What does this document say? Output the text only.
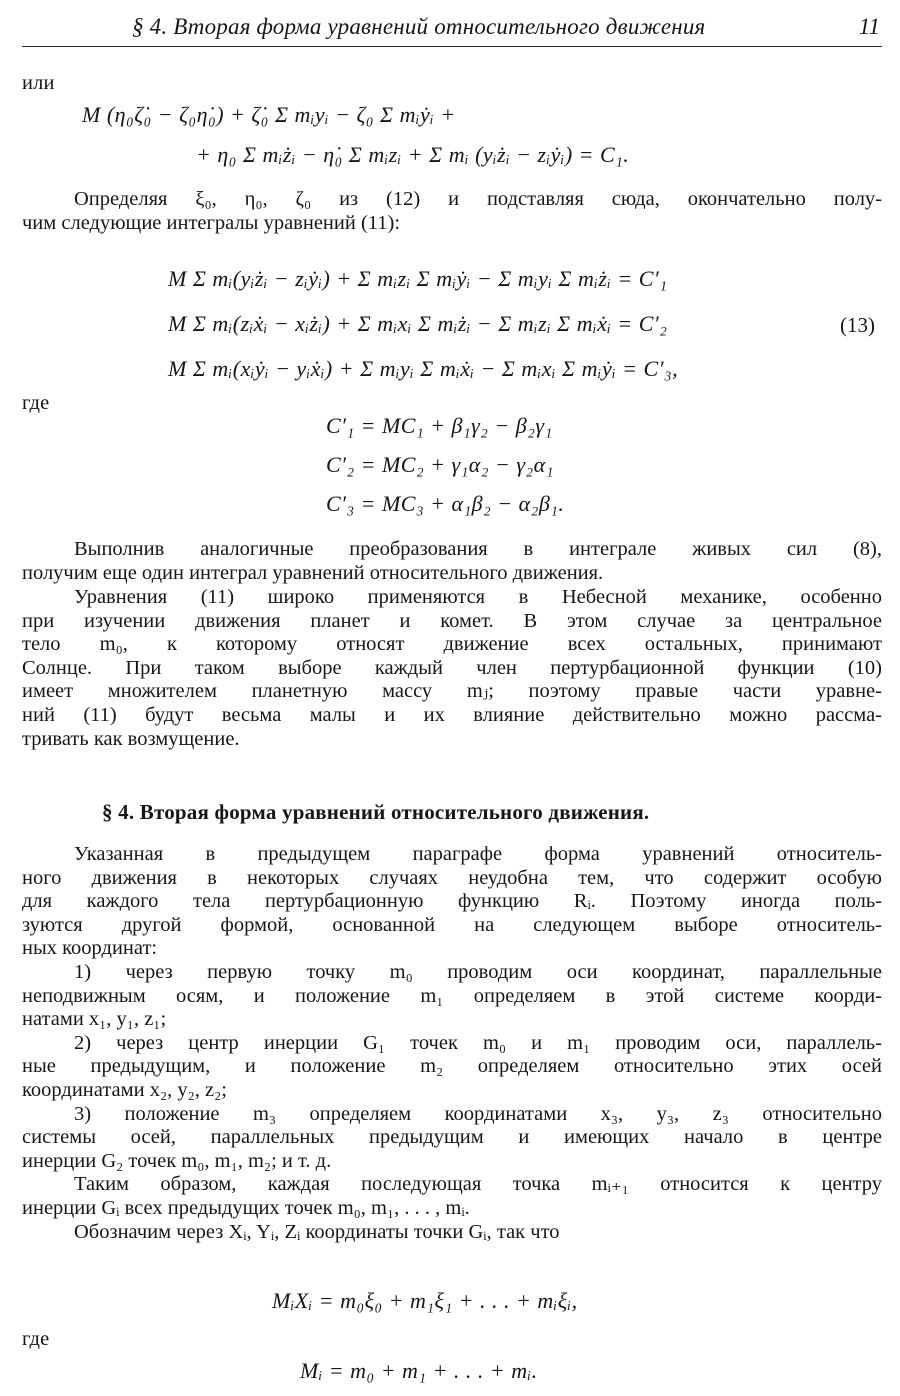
§ 4. Вторая форма уравнений относительного движения	11
или
M (η₀ζ̇₀ − ζ₀η̇₀) + ζ̇₀ Σ mᵢyᵢ − ζ₀ Σ mᵢẏᵢ +
+ η₀ Σ mᵢżᵢ − η̇₀ Σ mᵢzᵢ + Σ mᵢ (yᵢżᵢ − zᵢẏᵢ) = C₁.
Определяя ξ₀, η₀, ζ₀ из (12) и подставляя сюда, окончательно полу-
чим следующие интегралы уравнений (11):
M Σ mᵢ(yᵢżᵢ − zᵢẏᵢ) + Σ mᵢzᵢ Σ mᵢẏᵢ − Σ mᵢyᵢ Σ mᵢżᵢ = C′₁
M Σ mᵢ(zᵢẋᵢ − xᵢżᵢ) + Σ mᵢxᵢ Σ mᵢżᵢ − Σ mᵢzᵢ Σ mᵢẋᵢ = C′₂	(13)
M Σ mᵢ(xᵢẏᵢ − yᵢẋᵢ) + Σ mᵢyᵢ Σ mᵢẋᵢ − Σ mᵢxᵢ Σ mᵢẏᵢ = C′₃,
где
C′₁ = MC₁ + β₁γ₂ − β₂γ₁
C′₂ = MC₂ + γ₁α₂ − γ₂α₁
C′₃ = MC₃ + α₁β₂ − α₂β₁.
Выполнив аналогичные преобразования в интеграле живых сил (8),
получим еще один интеграл уравнений относительного движения.
Уравнения (11) широко применяются в Небесной механике, особенно
при изучении движения планет и комет. В этом случае за центральное
тело m₀, к которому относят движение всех остальных, принимают
Солнце. При таком выборе каждый член пертурбационной функции (10)
имеет множителем планетную массу mⱼ; поэтому правые части уравне-
ний (11) будут весьма малы и их влияние действительно можно рассма-
тривать как возмущение.
§ 4. Вторая форма уравнений относительного движения.
Указанная в предыдущем параграфе форма уравнений относитель-
ного движения в некоторых случаях неудобна тем, что содержит особую
для каждого тела пертурбационную функцию Rᵢ. Поэтому иногда поль-
зуются другой формой, основанной на следующем выборе относитель-
ных координат:
1) через первую точку m₀ проводим оси координат, параллельные
неподвижным осям, и положение m₁ определяем в этой системе коорди-
натами x₁, y₁, z₁;
2) через центр инерции G₁ точек m₀ и m₁ проводим оси, параллель-
ные предыдущим, и положение m₂ определяем относительно этих осей
координатами x₂, y₂, z₂;
3) положение m₃ определяем координатами x₃, y₃, z₃ относительно
системы осей, параллельных предыдущим и имеющих начало в центре
инерции G₂ точек m₀, m₁, m₂; и т. д.
Таким образом, каждая последующая точка mᵢ₊₁ относится к центру
инерции Gᵢ всех предыдущих точек m₀, m₁, . . . , mᵢ.
Обозначим через Xᵢ, Yᵢ, Zᵢ координаты точки Gᵢ, так что
MᵢXᵢ = m₀ξ₀ + m₁ξ₁ + . . . + mᵢξᵢ,
где
Mᵢ = m₀ + m₁ + . . . + mᵢ.
